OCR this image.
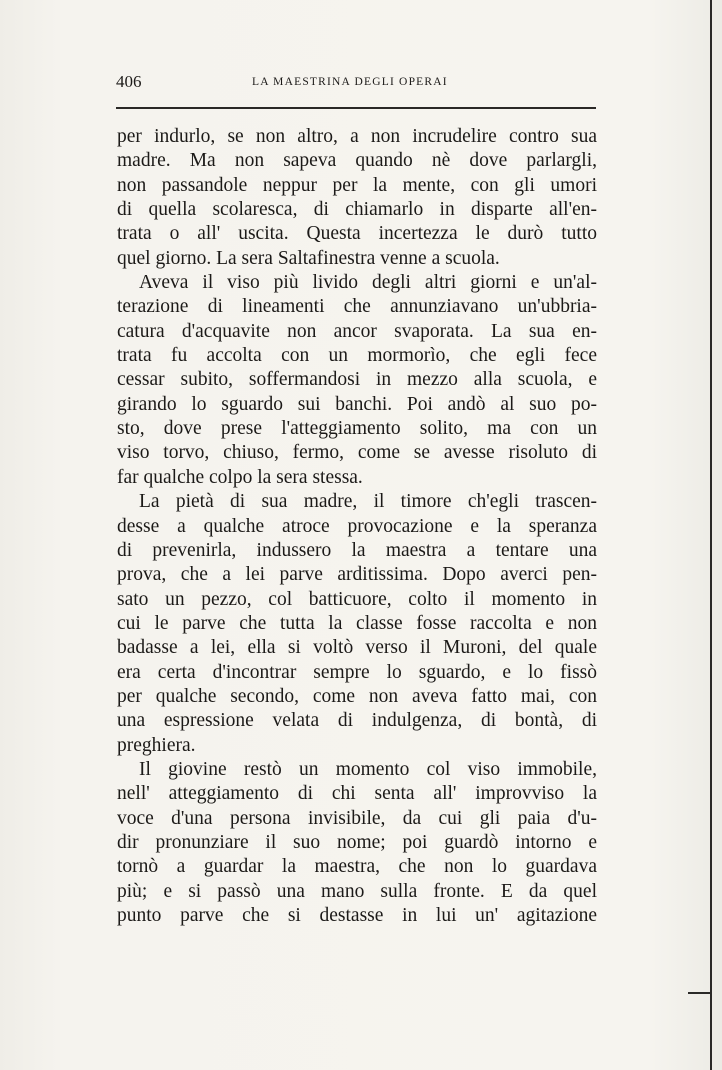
406	LA MAESTRINA DEGLI OPERAI
per indurlo, se non altro, a non incrudelire contro sua
madre. Ma non sapeva quando nè dove parlargli,
non passandole neppur per la mente, con gli umori
di quella scolaresca, di chiamarlo in disparte all'en-
trata o all' uscita. Questa incertezza le durò tutto
quel giorno. La sera Saltafinestra venne a scuola.
Aveva il viso più livido degli altri giorni e un'al-
terazione di lineamenti che annunziavano un'ubbria-
catura d'acquavite non ancor svaporata. La sua en-
trata fu accolta con un mormorìo, che egli fece
cessar subito, soffermandosi in mezzo alla scuola, e
girando lo sguardo sui banchi. Poi andò al suo po-
sto, dove prese l'atteggiamento solito, ma con un
viso torvo, chiuso, fermo, come se avesse risoluto di
far qualche colpo la sera stessa.
La pietà di sua madre, il timore ch'egli trascen-
desse a qualche atroce provocazione e la speranza
di prevenirla, indussero la maestra a tentare una
prova, che a lei parve arditissima. Dopo averci pen-
sato un pezzo, col batticuore, colto il momento in
cui le parve che tutta la classe fosse raccolta e non
badasse a lei, ella si voltò verso il Muroni, del quale
era certa d'incontrar sempre lo sguardo, e lo fissò
per qualche secondo, come non aveva fatto mai, con
una espressione velata di indulgenza, di bontà, di
preghiera.
Il giovine restò un momento col viso immobile,
nell' atteggiamento di chi senta all' improvviso la
voce d'una persona invisibile, da cui gli paia d'u-
dir pronunziare il suo nome; poi guardò intorno e
tornò a guardar la maestra, che non lo guardava
più; e si passò una mano sulla fronte. E da quel
punto parve che si destasse in lui un' agitazione
